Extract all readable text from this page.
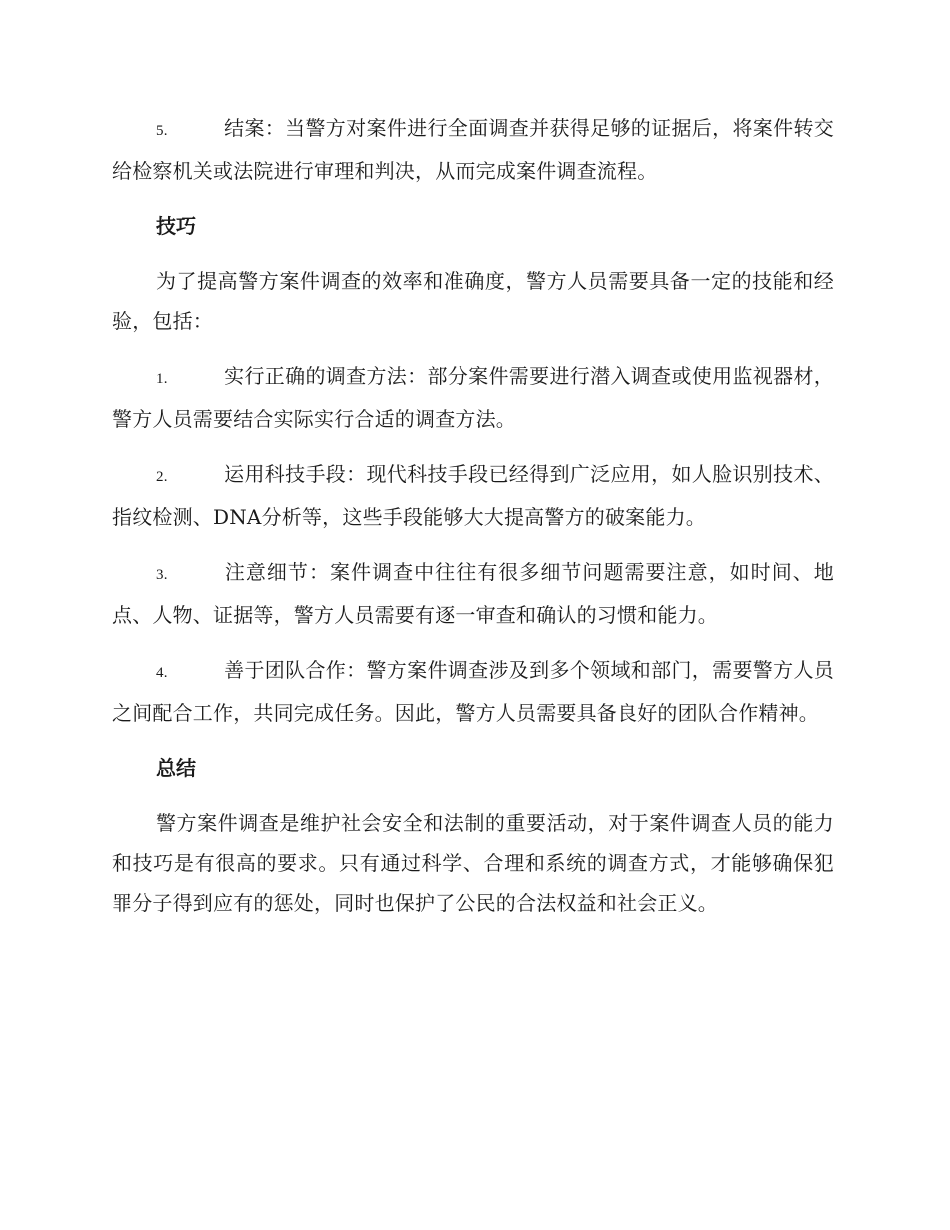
5.	结案：当警方对案件进行全面调查并获得足够的证据后，将案件转交给检察机关或法院进行审理和判决，从而完成案件调查流程。

技巧

为了提高警方案件调查的效率和准确度，警方人员需要具备一定的技能和经验，包括：

1.	实行正确的调查方法：部分案件需要进行潜入调查或使用监视器材，警方人员需要结合实际实行合适的调查方法。

2.	运用科技手段：现代科技手段已经得到广泛应用，如人脸识别技术、指纹检测、DNA分析等，这些手段能够大大提高警方的破案能力。

3.	注意细节：案件调查中往往有很多细节问题需要注意，如时间、地点、人物、证据等，警方人员需要有逐一审查和确认的习惯和能力。

4.	善于团队合作：警方案件调查涉及到多个领域和部门，需要警方人员之间配合工作，共同完成任务。因此，警方人员需要具备良好的团队合作精神。

总结

警方案件调查是维护社会安全和法制的重要活动，对于案件调查人员的能力和技巧是有很高的要求。只有通过科学、合理和系统的调查方式，才能够确保犯罪分子得到应有的惩处，同时也保护了公民的合法权益和社会正义。
